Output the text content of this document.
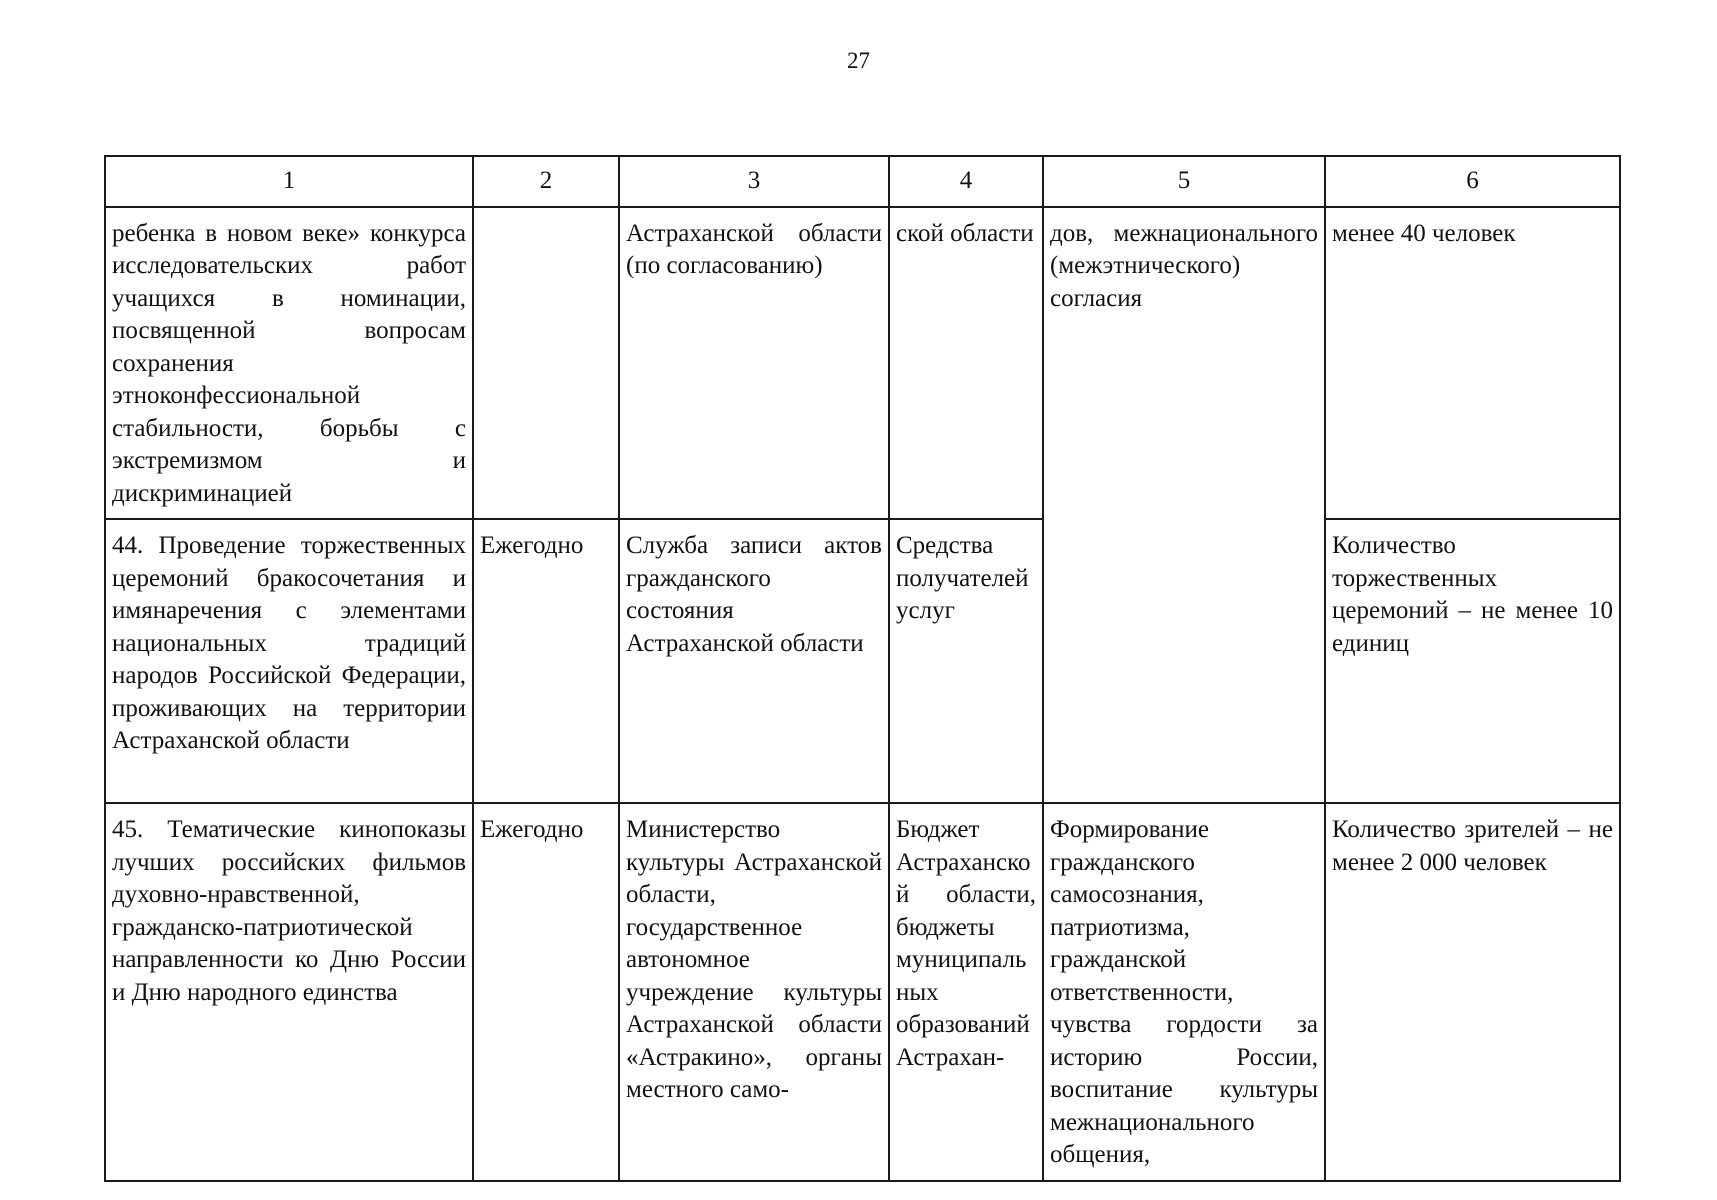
27
1	2	3	4	5	6
ребенка в новом веке» конкурса исследовательских работ учащихся в номинации, посвященной вопросам сохранения этноконфессиональной стабильности, борьбы с экстремизмом и дискриминацией		Астраханской области (по согласованию)	ской области	дов, межнационального (межэтнического) согласия	менее 40 человек
44. Проведение торжественных церемоний бракосочетания и имянаречения с элементами национальных традиций народов Российской Федерации, проживающих на территории Астраханской области	Ежегодно	Служба записи актов гражданского состояния Астраханской области	Средства получателей услуг		Количество торжественных церемоний – не менее 10 единиц
45. Тематические кинопоказы лучших российских фильмов духовно-нравственной, гражданско-патриотической направленности ко Дню России и Дню народного единства	Ежегодно	Министерство культуры Астраханской области, государственное автономное учреждение культуры Астраханской области «Астракино», органы местного само-	Бюджет Астраханской области, бюджеты муниципальных образований Астрахан-	Формирование гражданского самосознания, патриотизма, гражданской ответственности, чувства гордости за историю России, воспитание культуры межнационального общения,	Количество зрителей – не менее 2 000 человек
